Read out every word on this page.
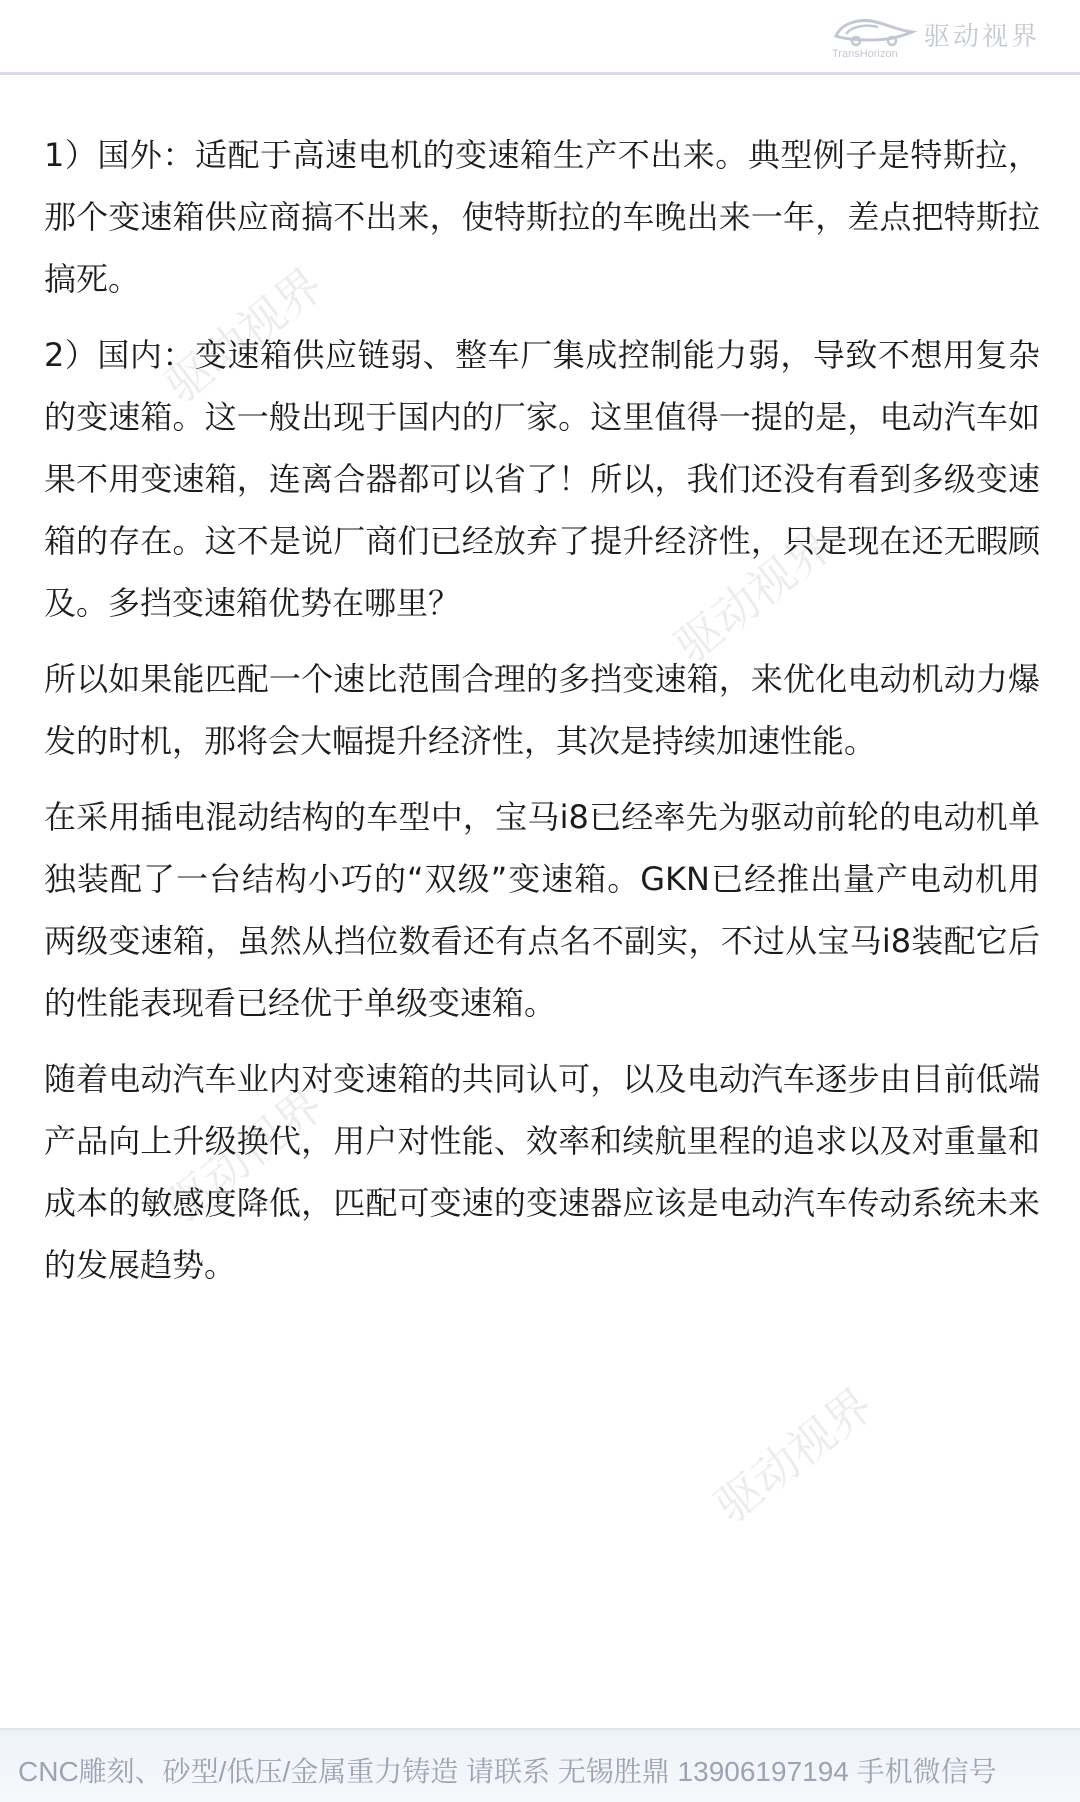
TransHorizon
驱动视界
驱动视界
驱动视界
驱动视界
驱动视界

1）国外：适配于高速电机的变速箱生产不出来。典型例子是特斯拉，那个变速箱供应商搞不出来，使特斯拉的车晚出来一年，差点把特斯拉搞死。

2）国内：变速箱供应链弱、整车厂集成控制能力弱，导致不想用复杂的变速箱。这一般出现于国内的厂家。这里值得一提的是，电动汽车如果不用变速箱，连离合器都可以省了！所以，我们还没有看到多级变速箱的存在。这不是说厂商们已经放弃了提升经济性，只是现在还无暇顾及。多挡变速箱优势在哪里？

所以如果能匹配一个速比范围合理的多挡变速箱，来优化电动机动力爆发的时机，那将会大幅提升经济性，其次是持续加速性能。

在采用插电混动结构的车型中，宝马i8已经率先为驱动前轮的电动机单独装配了一台结构小巧的“双级”变速箱。GKN已经推出量产电动机用两级变速箱，虽然从挡位数看还有点名不副实，不过从宝马i8装配它后的性能表现看已经优于单级变速箱。

随着电动汽车业内对变速箱的共同认可，以及电动汽车逐步由目前低端产品向上升级换代，用户对性能、效率和续航里程的追求以及对重量和成本的敏感度降低，匹配可变速的变速器应该是电动汽车传动系统未来的发展趋势。

CNC雕刻、砂型/低压/金属重力铸造 请联系 无锡胜鼎 13906197194 手机微信号
